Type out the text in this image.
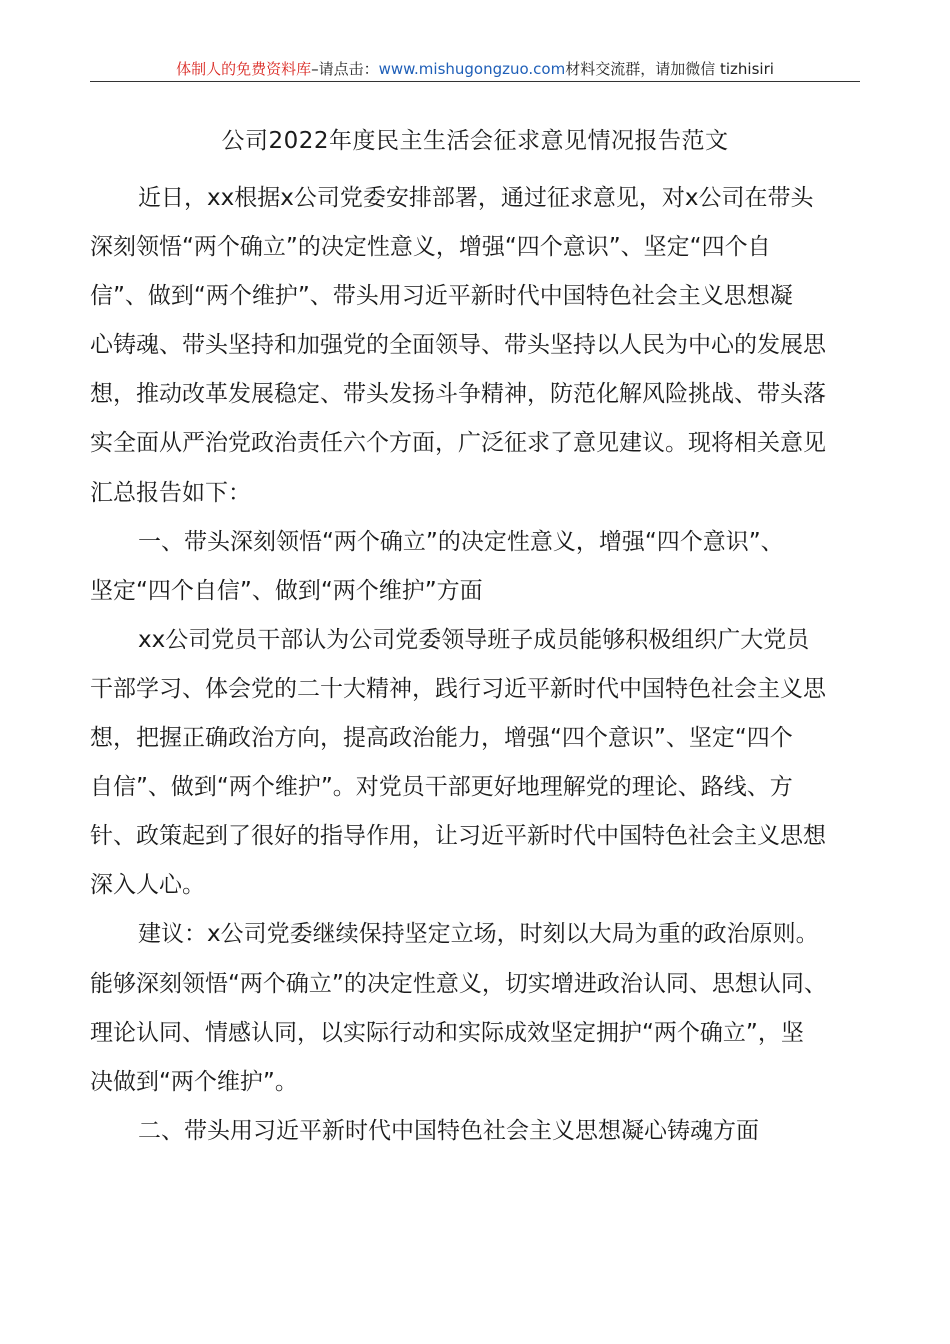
体制人的免费资料库–请点击：www.mishugongzuo.com材料交流群，请加微信 tizhisiri
公司2022年度民主生活会征求意见情况报告范文
近日，xx根据x公司党委安排部署，通过征求意见，对x公司在带头
深刻领悟“两个确立”的决定性意义，增强“四个意识”、坚定“四个自
信”、做到“两个维护”、带头用习近平新时代中国特色社会主义思想凝
心铸魂、带头坚持和加强党的全面领导、带头坚持以人民为中心的发展思
想，推动改革发展稳定、带头发扬斗争精神，防范化解风险挑战、带头落
实全面从严治党政治责任六个方面，广泛征求了意见建议。现将相关意见
汇总报告如下：
一、带头深刻领悟“两个确立”的决定性意义，增强“四个意识”、
坚定“四个自信”、做到“两个维护”方面
xx公司党员干部认为公司党委领导班子成员能够积极组织广大党员
干部学习、体会党的二十大精神，践行习近平新时代中国特色社会主义思
想，把握正确政治方向，提高政治能力，增强“四个意识”、坚定“四个
自信”、做到“两个维护”。对党员干部更好地理解党的理论、路线、方
针、政策起到了很好的指导作用，让习近平新时代中国特色社会主义思想
深入人心。
建议：x公司党委继续保持坚定立场，时刻以大局为重的政治原则。
能够深刻领悟“两个确立”的决定性意义，切实增进政治认同、思想认同、
理论认同、情感认同，以实际行动和实际成效坚定拥护“两个确立”，坚
决做到“两个维护”。
二、带头用习近平新时代中国特色社会主义思想凝心铸魂方面
